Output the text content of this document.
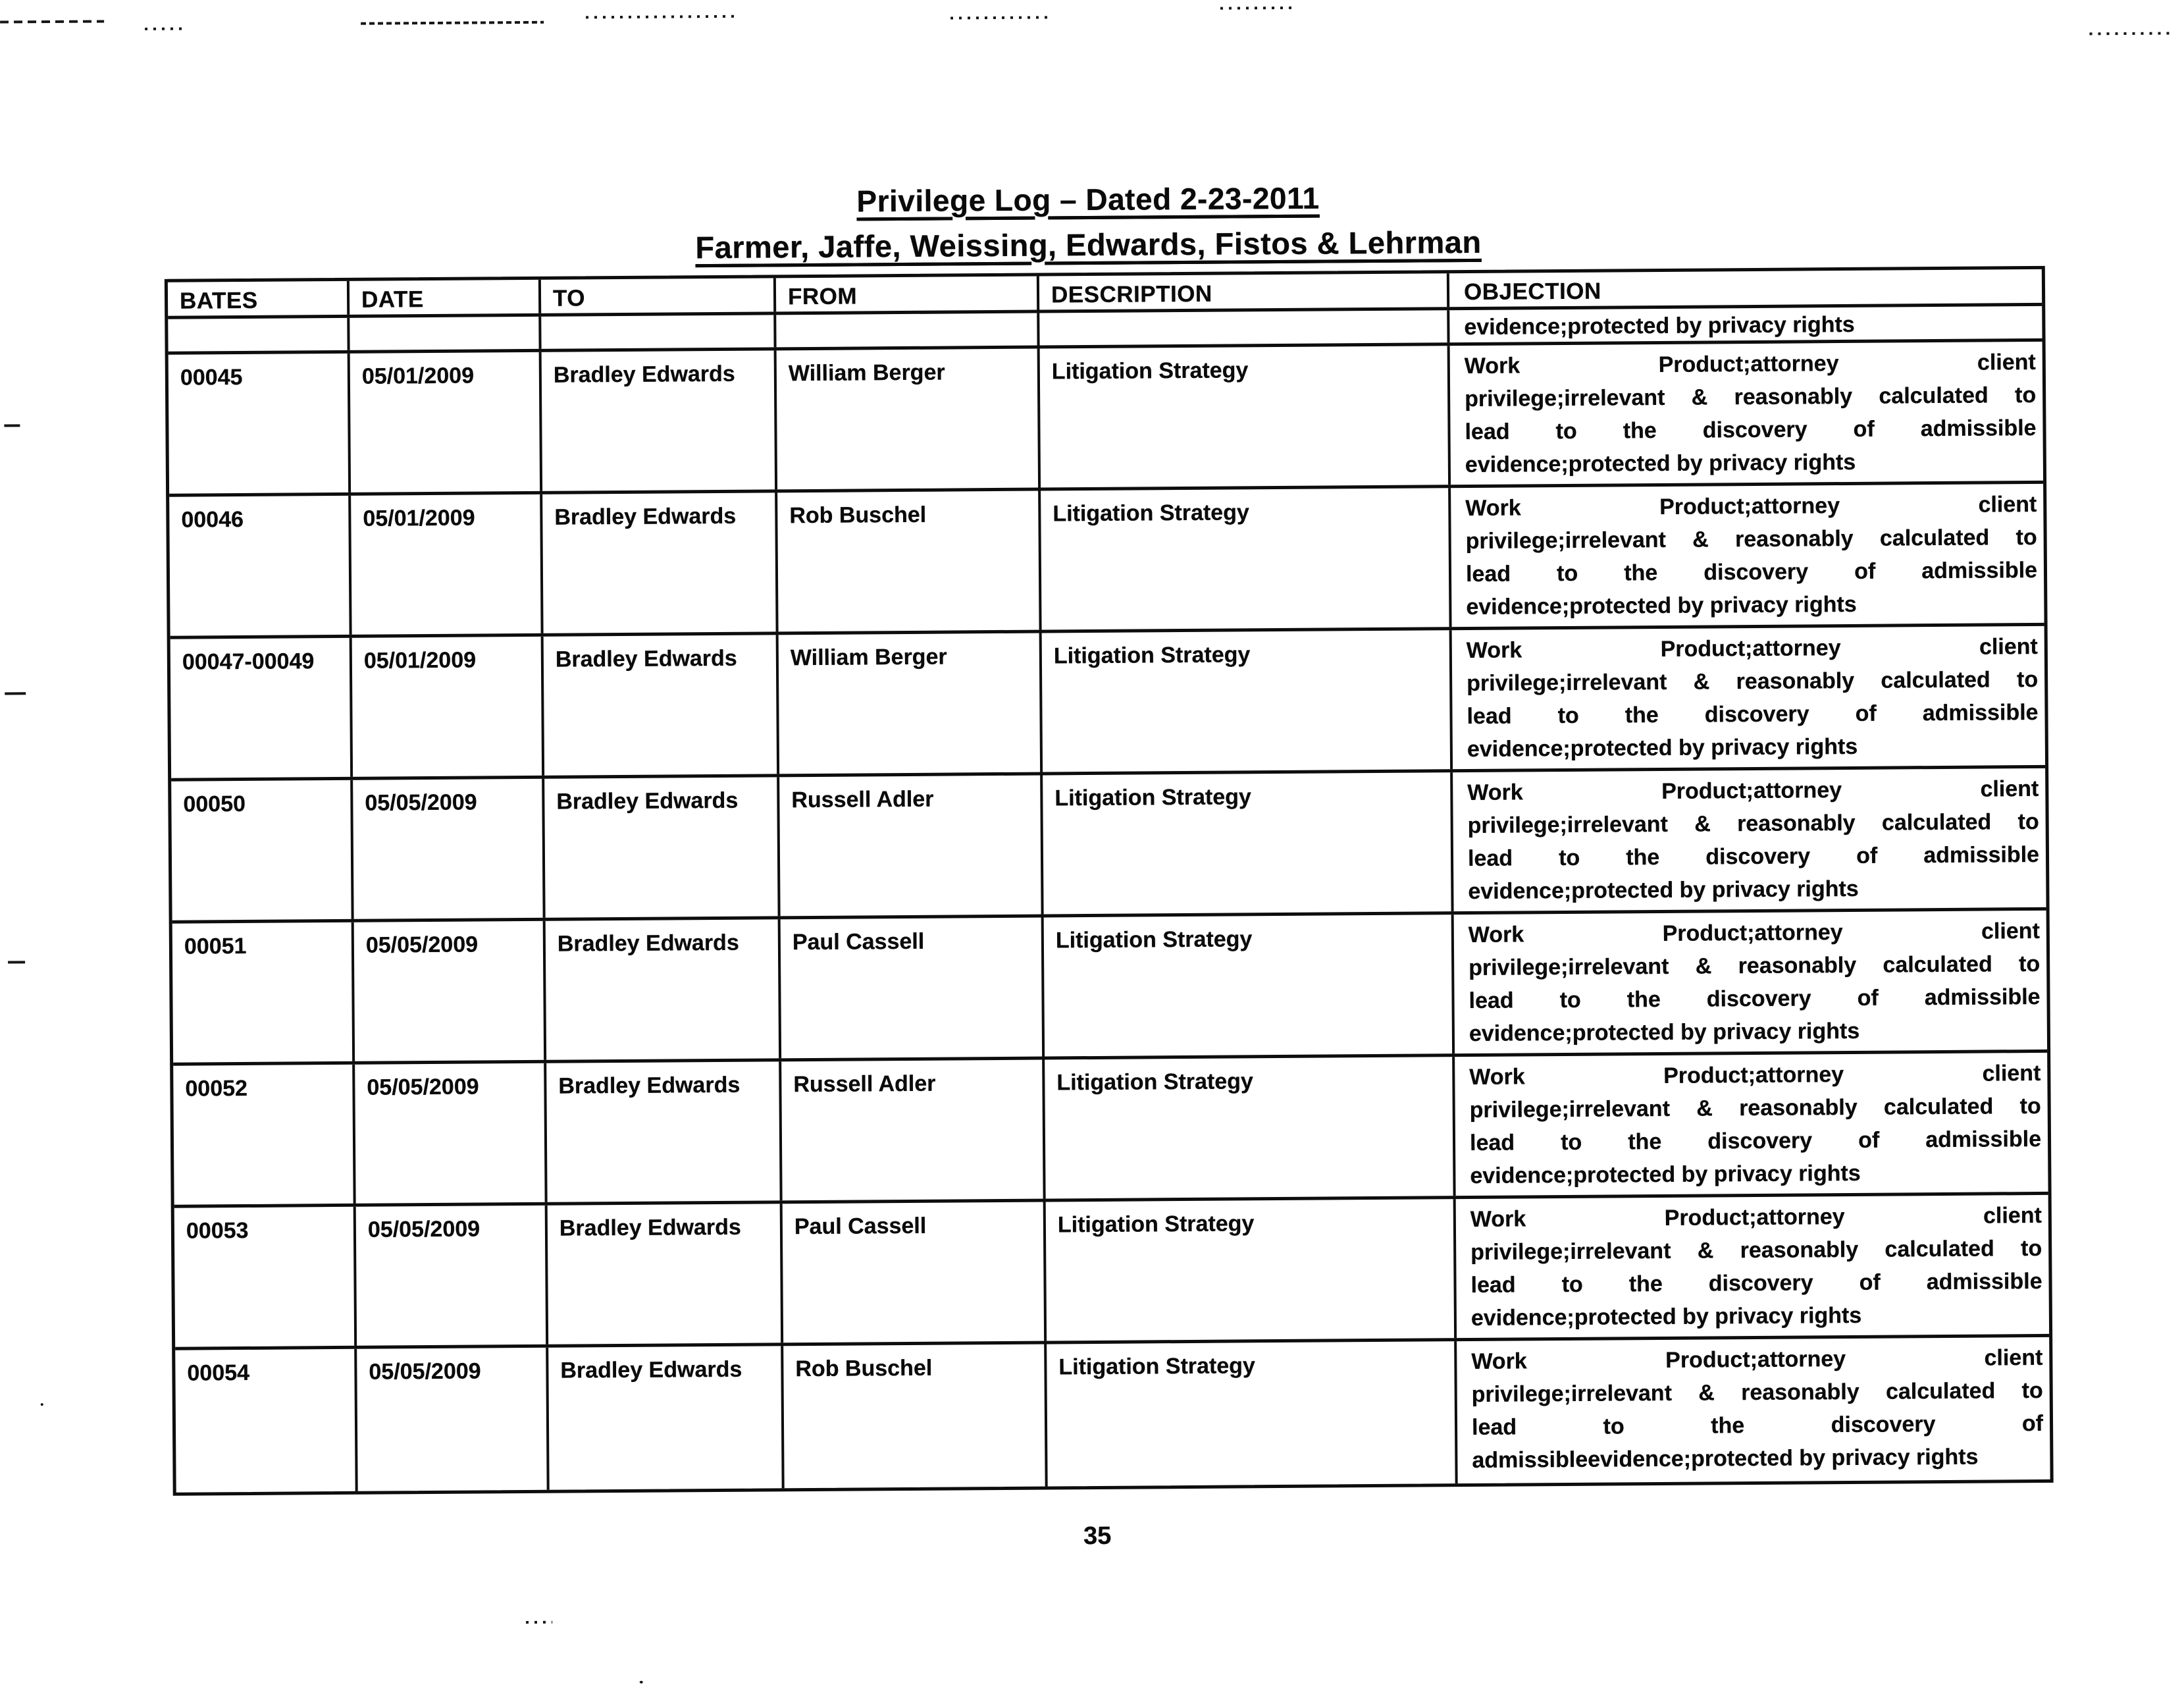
Privilege Log – Dated 2-23-2011
Farmer, Jaffe, Weissing, Edwards, Fistos & Lehrman
BATES	DATE	TO	FROM	DESCRIPTION	OBJECTION
evidence;protected by privacy rights
00045	05/01/2009	Bradley Edwards	William Berger	Litigation Strategy	Work Product;attorney client
privilege;irrelevant & reasonably calculated to
lead to the discovery of admissible
evidence;protected by privacy rights
00046	05/01/2009	Bradley Edwards	Rob Buschel	Litigation Strategy	Work Product;attorney client
privilege;irrelevant & reasonably calculated to
lead to the discovery of admissible
evidence;protected by privacy rights
00047-00049	05/01/2009	Bradley Edwards	William Berger	Litigation Strategy	Work Product;attorney client
privilege;irrelevant & reasonably calculated to
lead to the discovery of admissible
evidence;protected by privacy rights
00050	05/05/2009	Bradley Edwards	Russell Adler	Litigation Strategy	Work Product;attorney client
privilege;irrelevant & reasonably calculated to
lead to the discovery of admissible
evidence;protected by privacy rights
00051	05/05/2009	Bradley Edwards	Paul Cassell	Litigation Strategy	Work Product;attorney client
privilege;irrelevant & reasonably calculated to
lead to the discovery of admissible
evidence;protected by privacy rights
00052	05/05/2009	Bradley Edwards	Russell Adler	Litigation Strategy	Work Product;attorney client
privilege;irrelevant & reasonably calculated to
lead to the discovery of admissible
evidence;protected by privacy rights
00053	05/05/2009	Bradley Edwards	Paul Cassell	Litigation Strategy	Work Product;attorney client
privilege;irrelevant & reasonably calculated to
lead to the discovery of admissible
evidence;protected by privacy rights
00054	05/05/2009	Bradley Edwards	Rob Buschel	Litigation Strategy	Work Product;attorney client
privilege;irrelevant & reasonably calculated to
lead to the discovery of
admissibleevidence;protected by privacy rights
35
